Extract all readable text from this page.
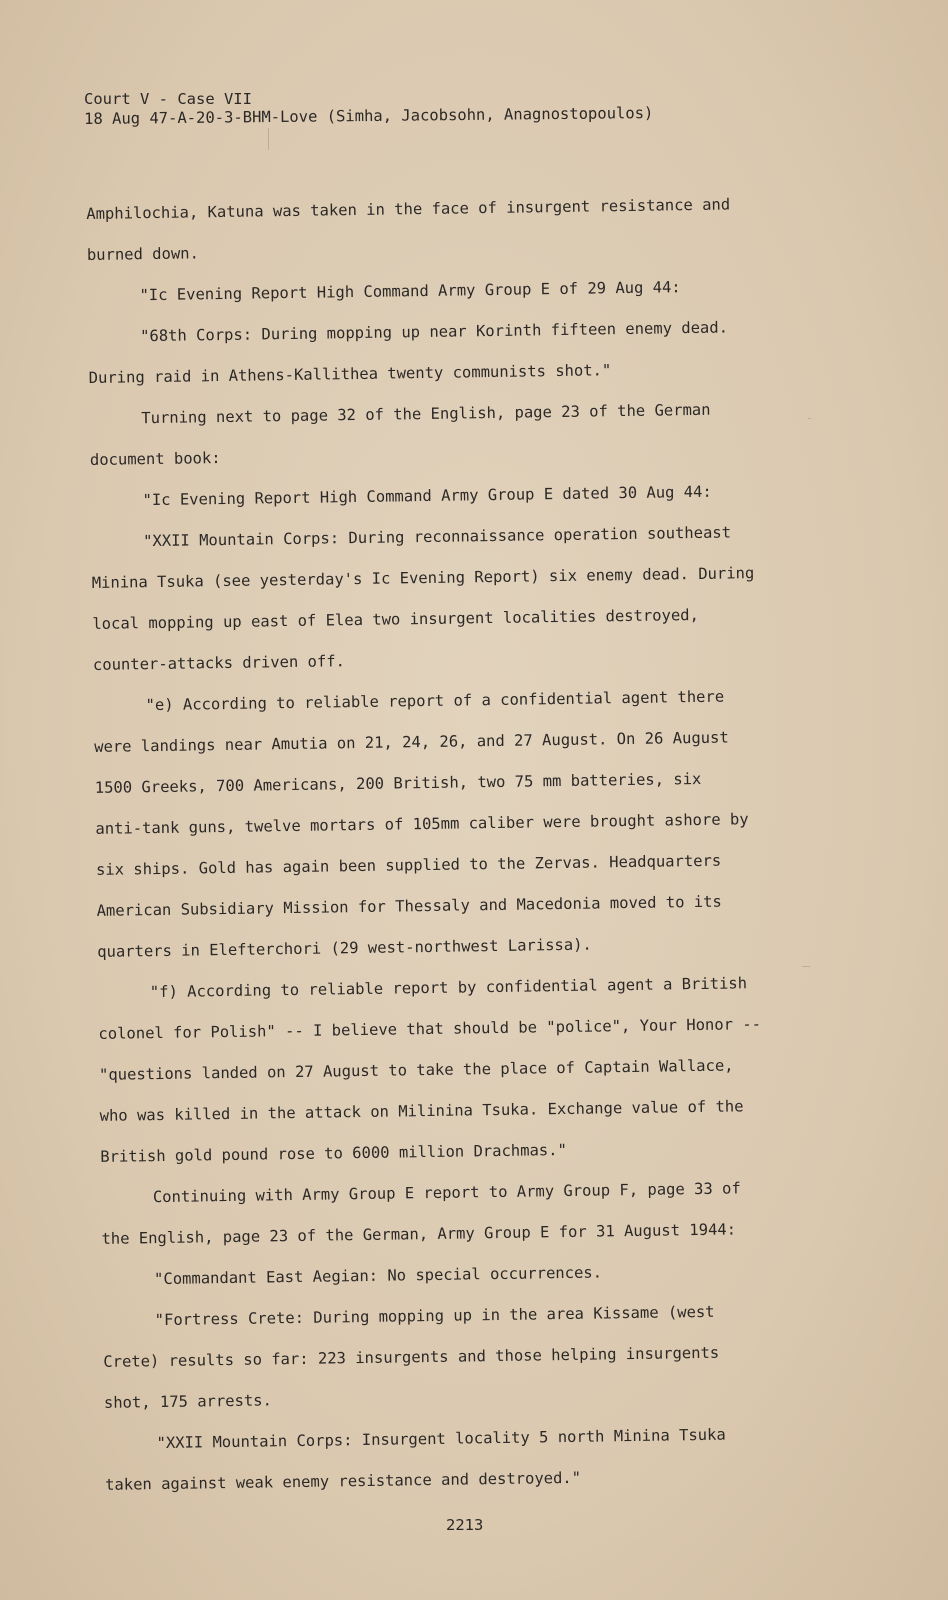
Court V - Case VII
18 Aug 47-A-20-3-BHM-Love (Simha, Jacobsohn, Anagnostopoulos)
Amphilochia, Katuna was taken in the face of insurgent resistance and
burned down.
"Ic Evening Report High Command Army Group E of 29 Aug 44:
"68th Corps: During mopping up near Korinth fifteen enemy dead.
During raid in Athens-Kallithea twenty communists shot."
Turning next to page 32 of the English, page 23 of the German
document book:
"Ic Evening Report High Command Army Group E dated 30 Aug 44:
"XXII Mountain Corps: During reconnaissance operation southeast
Minina Tsuka (see yesterday's Ic Evening Report) six enemy dead. During
local mopping up east of Elea two insurgent localities destroyed,
counter-attacks driven off.
"e) According to reliable report of a confidential agent there
were landings near Amutia on 21, 24, 26, and 27 August. On 26 August
1500 Greeks, 700 Americans, 200 British, two 75 mm batteries, six
anti-tank guns, twelve mortars of 105mm caliber were brought ashore by
six ships. Gold has again been supplied to the Zervas. Headquarters
American Subsidiary Mission for Thessaly and Macedonia moved to its
quarters in Elefterchori (29 west-northwest Larissa).
"f) According to reliable report by confidential agent a British
colonel for Polish" -- I believe that should be "police", Your Honor --
"questions landed on 27 August to take the place of Captain Wallace,
who was killed in the attack on Milinina Tsuka. Exchange value of the
British gold pound rose to 6000 million Drachmas."
Continuing with Army Group E report to Army Group F, page 33 of
the English, page 23 of the German, Army Group E for 31 August 1944:
"Commandant East Aegian: No special occurrences.
"Fortress Crete: During mopping up in the area Kissame (west
Crete) results so far: 223 insurgents and those helping insurgents
shot, 175 arrests.
"XXII Mountain Corps: Insurgent locality 5 north Minina Tsuka
taken against weak enemy resistance and destroyed."
2213
